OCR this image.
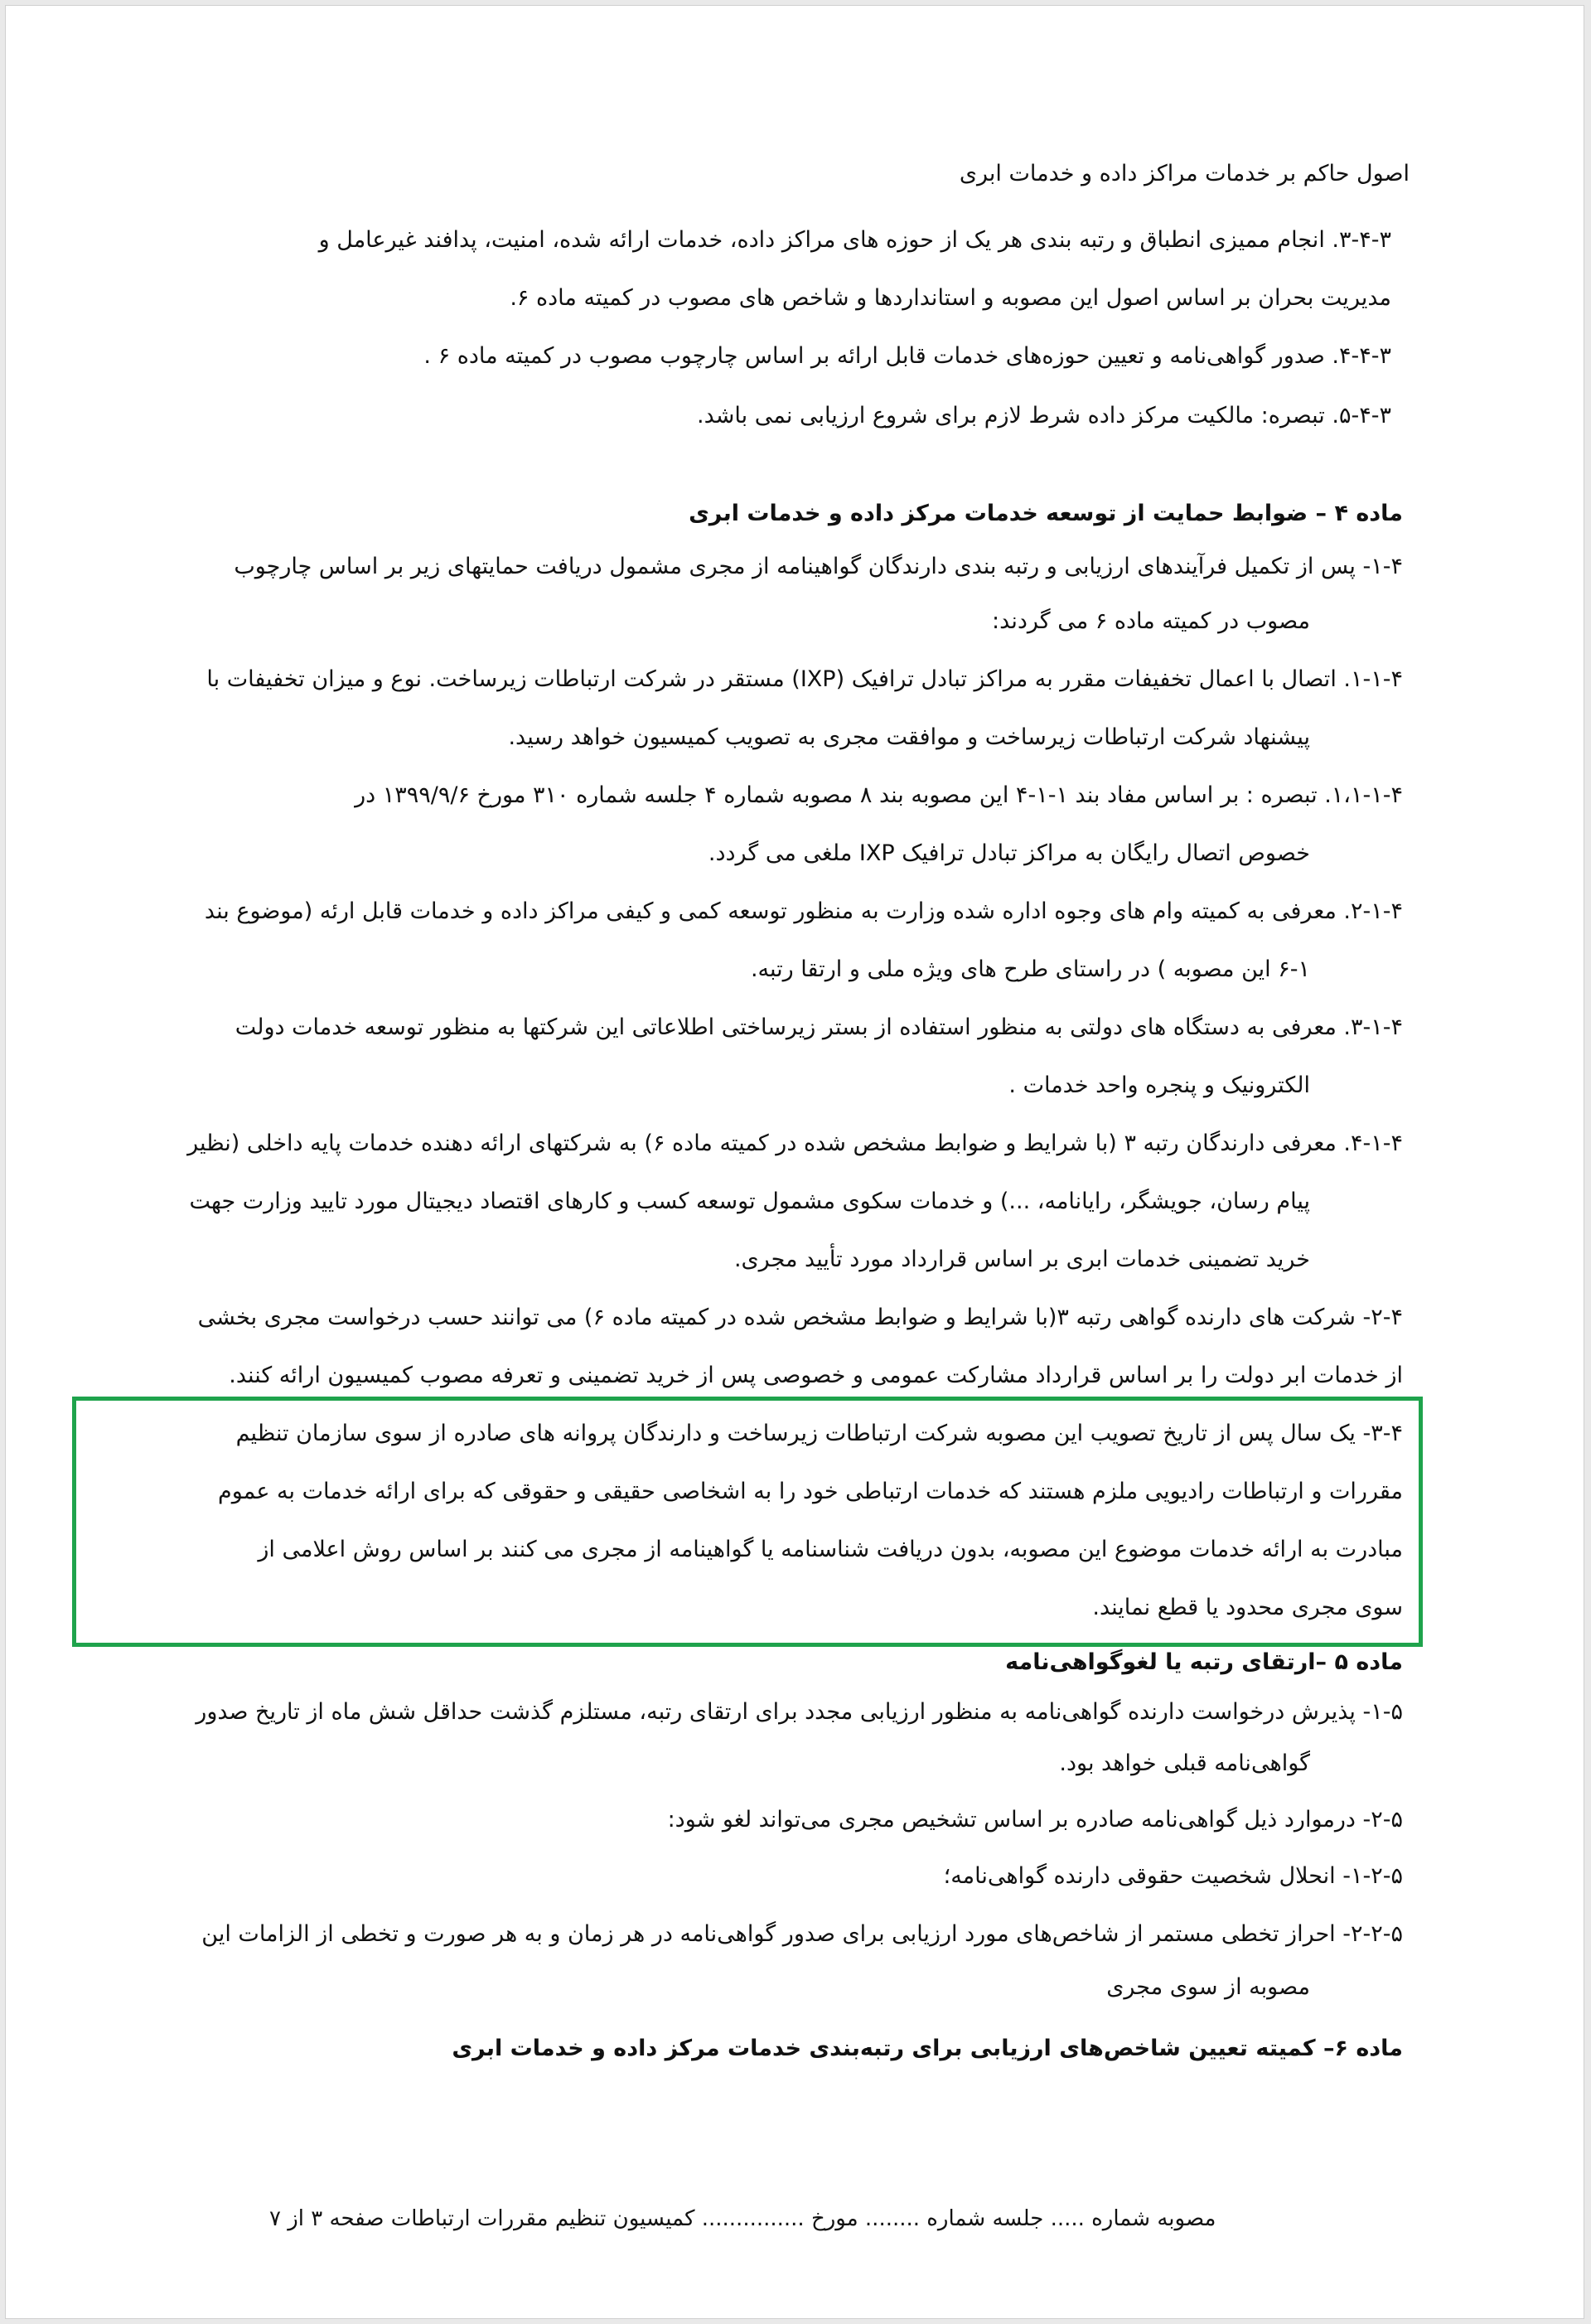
اصول حاکم بر خدمات مراکز داده و خدمات ابری
۳-۴-۳. انجام ممیزی انطباق و رتبه بندی هر یک از حوزه های مراکز داده، خدمات ارائه شده، امنیت، پدافند غیرعامل و
مدیریت بحران بر اساس اصول این مصوبه و استانداردها و شاخص های مصوب در کمیته ماده ۶.
۴-۴-۳. صدور گواهی‌نامه و تعیین حوزه‌های خدمات قابل ارائه بر اساس چارچوب مصوب در کمیته ماده ۶ .
۵-۴-۳. تبصره: مالکیت مرکز داده شرط لازم برای شروع ارزیابی نمی باشد.
ماده ۴ – ضوابط حمایت از توسعه خدمات مرکز داده و خدمات ابری
۱-۴- پس از تکمیل فرآیندهای ارزیابی و رتبه بندی دارندگان گواهینامه از مجری مشمول دریافت حمایتهای زیر بر اساس چارچوب
مصوب در کمیته ماده ۶ می گردند:
۱-۱-۴. اتصال با اعمال تخفیفات مقرر به مراکز تبادل ترافیک (IXP) مستقر در شرکت ارتباطات زیرساخت. نوع و میزان تخفیفات با
پیشنهاد شرکت ارتباطات زیرساخت و موافقت مجری به تصویب کمیسیون خواهد رسید.
۱،۱-۱-۴. تبصره : بر اساس مفاد بند ۱-۱-۴ این مصوبه بند ۸ مصوبه شماره ۴ جلسه شماره ۳۱۰ مورخ ۱۳۹۹/۹/۶ در
خصوص اتصال رایگان به مراکز تبادل ترافیک IXP ملغی می گردد.
۲-۱-۴. معرفی به کمیته وام های وجوه اداره شده وزارت به منظور توسعه کمی و کیفی مراکز داده و خدمات قابل ارئه (موضوع بند
۶-۱ این مصوبه ) در راستای طرح های ویژه ملی و ارتقا رتبه.
۳-۱-۴. معرفی به دستگاه های دولتی به منظور استفاده از بستر زیرساختی اطلاعاتی این شرکتها به منظور توسعه خدمات دولت
الکترونیک و پنجره واحد خدمات .
۴-۱-۴. معرفی دارندگان رتبه ۳ (با شرایط و ضوابط مشخص شده در کمیته ماده ۶) به شرکتهای ارائه دهنده خدمات پایه داخلی (نظیر
پیام رسان، جویشگر، رایانامه، ...) و خدمات سکوی مشمول توسعه کسب و کارهای اقتصاد دیجیتال مورد تایید وزارت جهت
خرید تضمینی خدمات ابری بر اساس قرارداد مورد تأیید مجری.
۲-۴- شرکت های دارنده گواهی رتبه ۳(با شرایط و ضوابط مشخص شده در کمیته ماده ۶) می توانند حسب درخواست مجری بخشی
از خدمات ابر دولت را بر اساس قرارداد مشارکت عمومی و خصوصی پس از خرید تضمینی و تعرفه مصوب کمیسیون ارائه کنند.
۳-۴- یک سال پس از تاریخ تصویب این مصوبه شرکت ارتباطات زیرساخت و دارندگان پروانه های صادره از سوی سازمان تنظیم
مقررات و ارتباطات رادیویی ملزم هستند که خدمات ارتباطی خود را به اشخاصی حقیقی و حقوقی که برای ارائه خدمات به عموم
مبادرت به ارائه خدمات موضوع این مصوبه، بدون دریافت شناسنامه یا گواهینامه از مجری می کنند بر اساس روش اعلامی از
سوی مجری محدود یا قطع نمایند.
ماده ۵ –ارتقای رتبه یا لغوگواهی‌نامه
۱-۵- پذیرش درخواست دارنده گواهی‌نامه به منظور ارزیابی مجدد برای ارتقای رتبه، مستلزم گذشت حداقل شش ماه از تاریخ صدور
گواهی‌نامه قبلی خواهد بود.
۲-۵- درموارد ذیل گواهی‌نامه صادره بر اساس تشخیص مجری می‌تواند لغو شود:
۱-۲-۵- انحلال شخصیت حقوقی دارنده گواهی‌نامه؛
۲-۲-۵- احراز تخطی مستمر از شاخص‌های مورد ارزیابی برای صدور گواهی‌نامه در هر زمان و به هر صورت و تخطی از الزامات این
مصوبه از سوی مجری
ماده ۶– کمیته تعیین شاخص‌های ارزیابی برای رتبه‌بندی خدمات مرکز داده و خدمات ابری
مصوبه شماره ..... جلسه شماره ........ مورخ ............... کمیسیون تنظیم مقررات ارتباطات صفحه ۳ از ۷
